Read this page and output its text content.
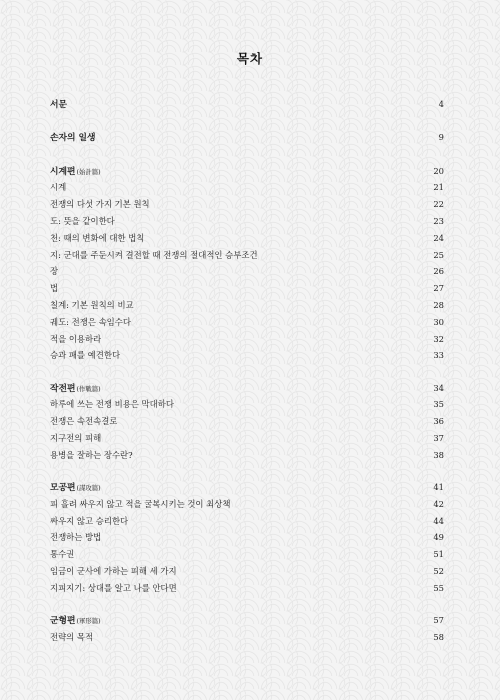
목차
서문	4
손자의 일생	9
시계편(始計篇)	20
시계	21
전쟁의 다섯 가지 기본 원칙	22
도: 뜻을 같이한다	23
천: 때의 변화에 대한 법칙	24
지: 군대를 주둔시켜 결전할 때 전쟁의 절대적인 승부조건	25
장	26
법	27
칠계: 기본 원칙의 비교	28
궤도: 전쟁은 속임수다	30
적을 이용하라	32
승과 패를 예견한다	33
작전편(作戰篇)	34
하루에 쓰는 전쟁 비용은 막대하다	35
전쟁은 속전속결로	36
지구전의 피해	37
용병을 잘하는 장수란?	38
모공편(謀攻篇)	41
피 흘려 싸우지 않고 적을 굴복시키는 것이 최상책	42
싸우지 않고 승리한다	44
전쟁하는 방법	49
통수권	51
임금이 군사에 가하는 피해 세 가지	52
지피지기: 상대를 알고 나를 안다면	55
군형편(軍形篇)	57
전략의 목적	58
